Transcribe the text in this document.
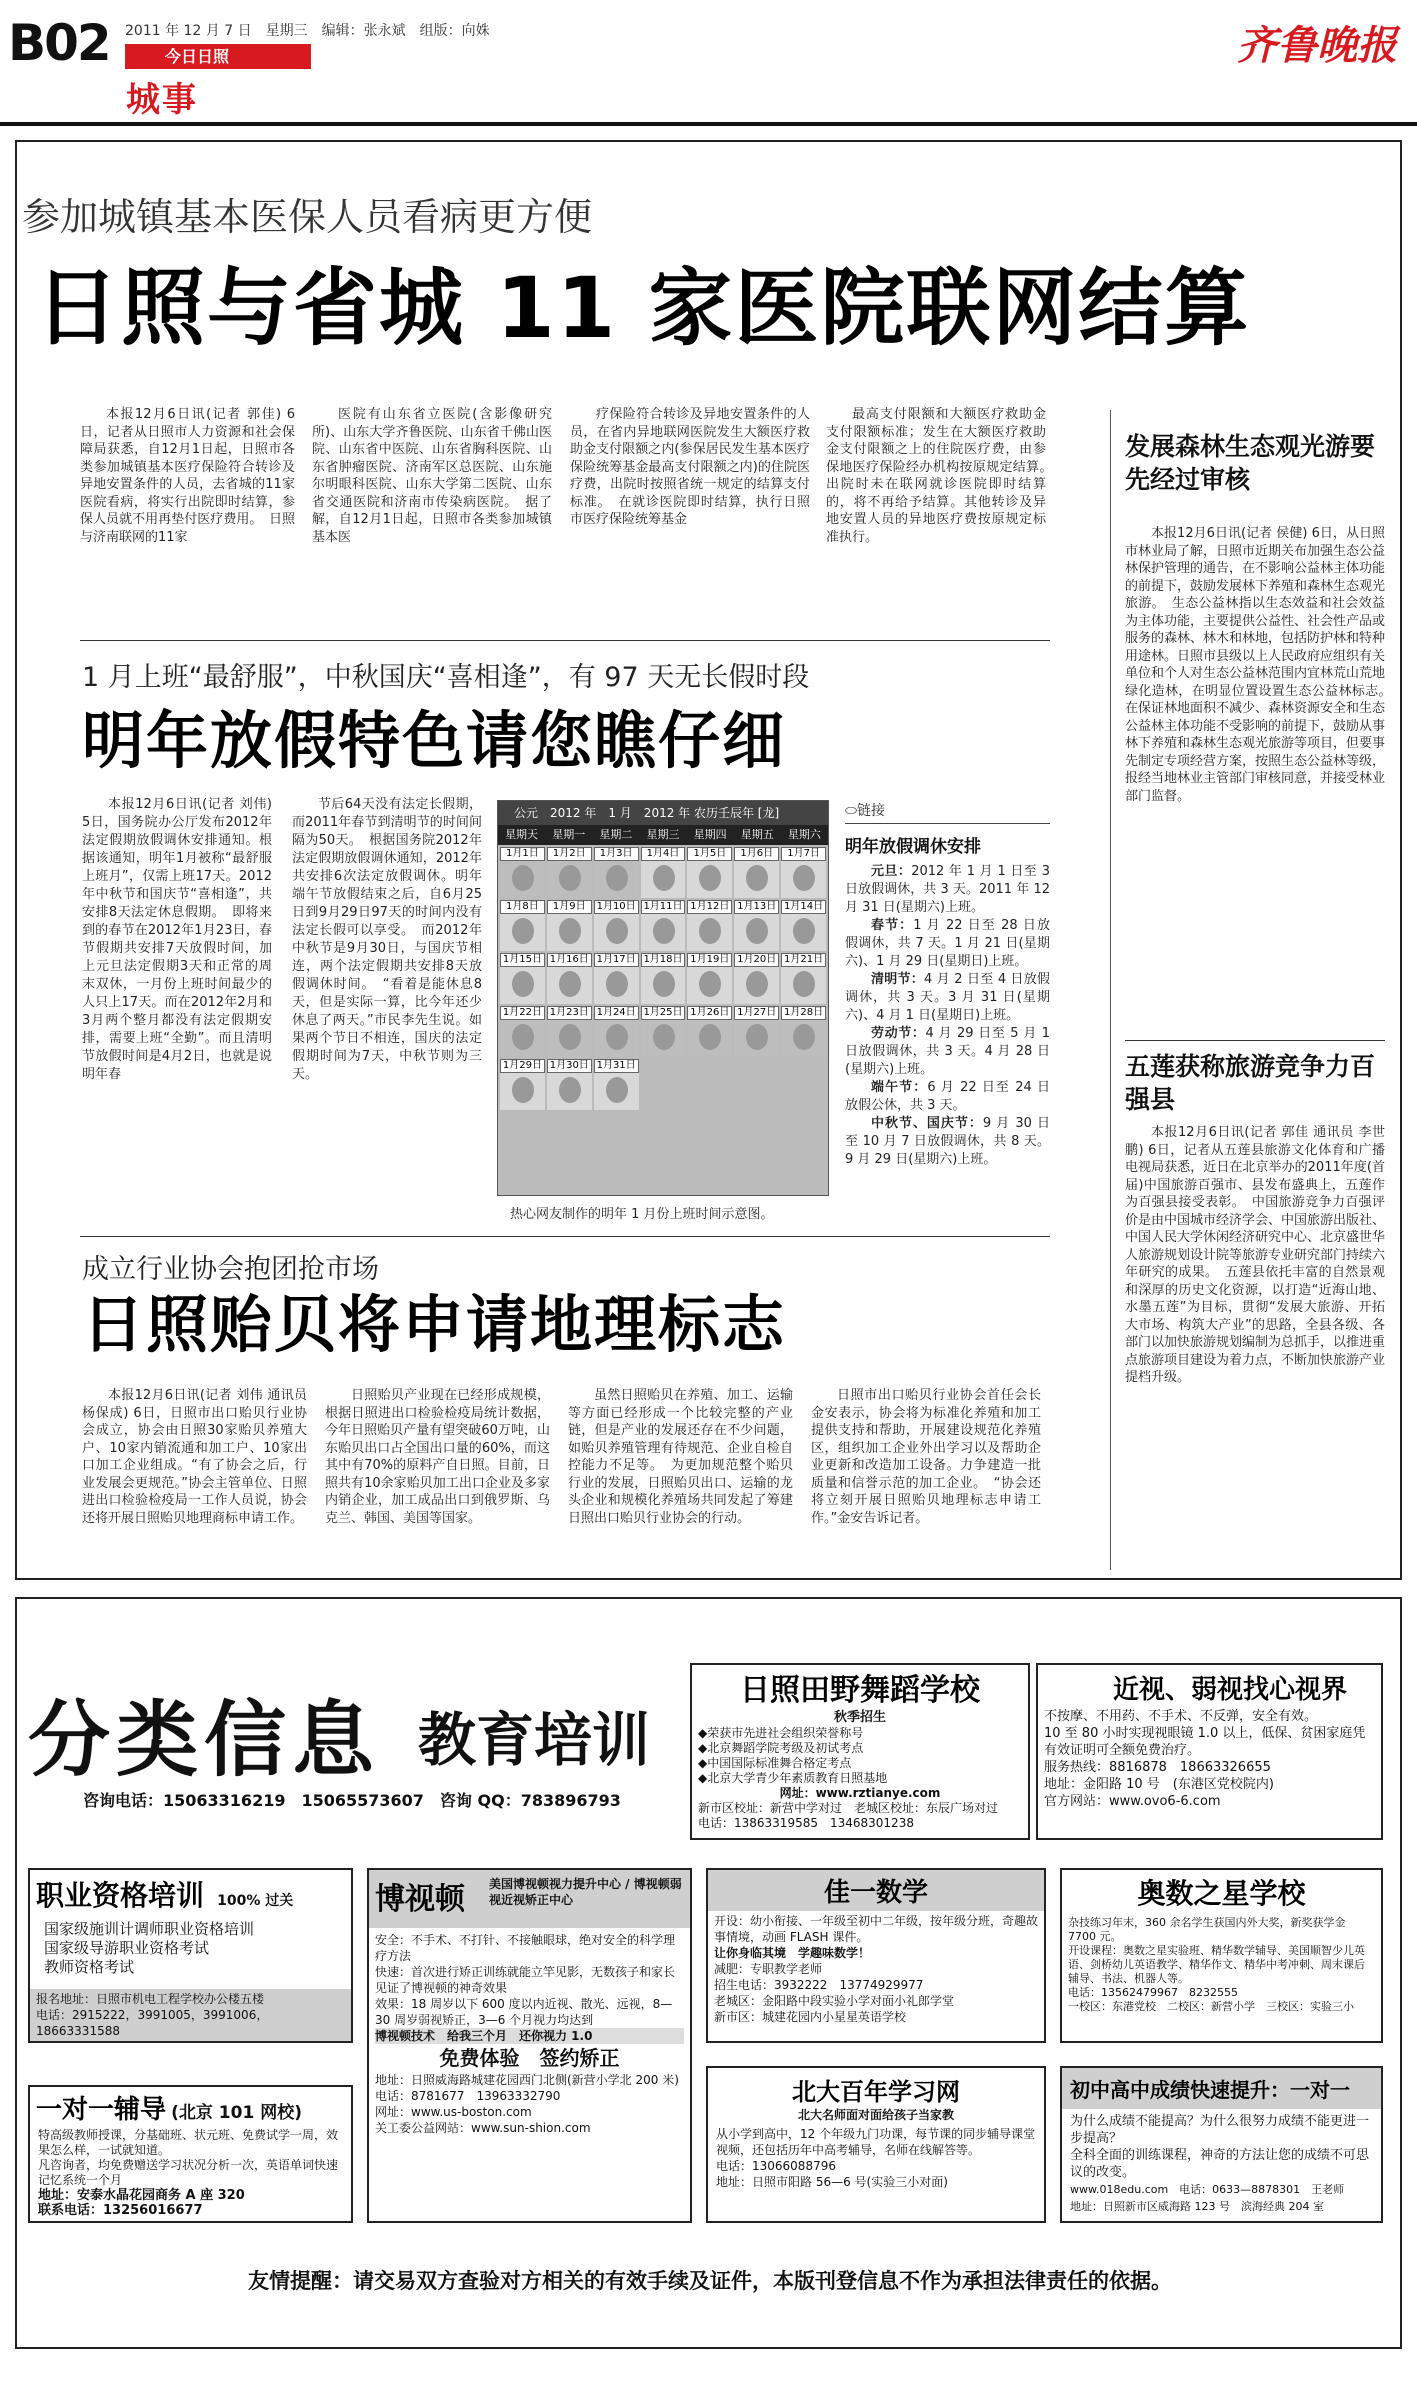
B02 2011 年 12 月 7 日　星期三　编辑：张永斌　组版：向姝
今日日照
城事
齐鲁晚报
参加城镇基本医保人员看病更方便
日照与省城 11 家医院联网结算

本报12月6日讯(记者 郭佳) 6日，记者从日照市人力资源和社会保障局获悉，自12月1日起，日照市各类参加城镇基本医疗保险符合转诊及异地安置条件的人员，去省城的11家医院看病，将实行出院即时结算，参保人员就不用再垫付医疗费用。　日照与济南联网的11家

医院有山东省立医院(含影像研究所)、山东大学齐鲁医院、山东省千佛山医院、山东省中医院、山东省胸科医院、山东省肿瘤医院、济南军区总医院、山东施尔明眼科医院、山东大学第二医院、山东省交通医院和济南市传染病医院。　据了解，自12月1日起，日照市各类参加城镇基本医

疗保险符合转诊及异地安置条件的人员，在省内异地联网医院发生大额医疗救助金支付限额之内(参保居民发生基本医疗保险统筹基金最高支付限额之内)的住院医疗费，出院时按照省统一规定的结算支付标准。　在就诊医院即时结算，执行日照市医疗保险统筹基金

最高支付限额和大额医疗救助金支付限额标准；发生在大额医疗救助金支付限额之上的住院医疗费，由参保地医疗保险经办机构按原规定结算。　出院时未在联网就诊医院即时结算的，将不再给予结算。其他转诊及异地安置人员的异地医疗费按原规定标准执行。

1 月上班“最舒服”，中秋国庆“喜相逢”，有 97 天无长假时段
明年放假特色请您瞧仔细

本报12月6日讯(记者 刘伟) 5日，国务院办公厅发布2012年法定假期放假调休安排通知。根据该通知，明年1月被称“最舒服上班月”，仅需上班17天。2012年中秋节和国庆节“喜相逢”，共安排8天法定休息假期。　即将来到的春节在2012年1月23日，春节假期共安排7天放假时间，加上元旦法定假期3天和正常的周末双休，一月份上班时间最少的人只上17天。而在2012年2月和3月两个整月都没有法定假期安排，需要上班“全勤”。而且清明节放假时间是4月2日，也就是说明年春

节后64天没有法定长假期，而2011年春节到清明节的时间间隔为50天。　根据国务院2012年法定假期放假调休通知，2012年共安排6次法定放假调休。明年端午节放假结束之后，自6月25日到9月29日97天的时间内没有法定长假可以享受。　而2012年中秋节是9月30日，与国庆节相连，两个法定假期共安排8天放假调休时间。　“看着是能休息8天，但是实际一算，比今年还少休息了两天。”市民李先生说。如果两个节日不相连，国庆的法定假期时间为7天，中秋节则为三天。

公元　2012 年　1 月　2012 年 农历壬辰年 [龙]
星期天	星期一	星期二	星期三	星期四	星期五	星期六
1月1日	1月2日	1月3日	1月4日	1月5日	1月6日	1月7日
1月8日	1月9日	1月10日 1月11日 1月12日 1月13日 1月14日
1月15日 1月16日 1月17日 1月18日 1月19日 1月20日 1月21日
1月22日 1月23日 1月24日 1月25日 1月26日 1月27日 1月28日
1月29日 1月30日 1月31日
热心网友制作的明年 1 月份上班时间示意图。
⬭链接
明年放假调休安排
元旦：2012 年 1 月 1 日至 3 日放假调休，共 3 天。2011 年 12 月 31 日(星期六)上班。
春节：1 月 22 日至 28 日放假调休，共 7 天。1 月 21 日(星期六)、1 月 29 日(星期日)上班。
清明节：4 月 2 日至 4 日放假调休，共 3 天。3 月 31 日(星期六)、4 月 1 日(星期日)上班。
劳动节：4 月 29 日至 5 月 1 日放假调休，共 3 天。4 月 28 日(星期六)上班。
端午节：6 月 22 日至 24 日放假公休，共 3 天。
中秋节、国庆节：9 月 30 日至 10 月 7 日放假调休，共 8 天。9 月 29 日(星期六)上班。
成立行业协会抱团抢市场
日照贻贝将申请地理标志

本报12月6日讯(记者 刘伟 通讯员 杨保成) 6日，日照市出口贻贝行业协会成立，协会由日照30家贻贝养殖大户、10家内销流通和加工户、10家出口加工企业组成。“有了协会之后，行业发展会更规范。”协会主管单位、日照进出口检验检疫局一工作人员说，协会还将开展日照贻贝地理商标申请工作。

日照贻贝产业现在已经形成规模，根据日照进出口检验检疫局统计数据，今年日照贻贝产量有望突破60万吨，山东贻贝出口占全国出口量的60%，而这其中有70%的原料产自日照。目前，日照共有10余家贻贝加工出口企业及多家内销企业，加工成品出口到俄罗斯、乌克兰、韩国、美国等国家。

虽然日照贻贝在养殖、加工、运输等方面已经形成一个比较完整的产业链，但是产业的发展还存在不少问题，如贻贝养殖管理有待规范、企业自检自控能力不足等。　为更加规范整个贻贝行业的发展，日照贻贝出口、运输的龙头企业和规模化养殖场共同发起了筹建日照出口贻贝行业协会的行动。

日照市出口贻贝行业协会首任会长金安表示，协会将为标准化养殖和加工提供支持和帮助，开展建设规范化养殖区，组织加工企业外出学习以及帮助企业更新和改造加工设备。力争建造一批质量和信誉示范的加工企业。　“协会还将立刻开展日照贻贝地理标志申请工作。”金安告诉记者。

发展森林生态观光游要先经过审核

本报12月6日讯(记者 侯健) 6日，从日照市林业局了解，日照市近期关布加强生态公益林保护管理的通告，在不影响公益林主体功能的前提下，鼓励发展林下养殖和森林生态观光旅游。　生态公益林指以生态效益和社会效益为主体功能，主要提供公益性、社会性产品或服务的森林、林木和林地，包括防护林和特种用途林。日照市县级以上人民政府应组织有关单位和个人对生态公益林范围内宜林荒山荒地绿化造林，在明显位置设置生态公益林标志。　在保证林地面积不减少、森林资源安全和生态公益林主体功能不受影响的前提下，鼓励从事林下养殖和森林生态观光旅游等项目，但要事先制定专项经营方案，按照生态公益林等级，报经当地林业主管部门审核同意，并接受林业部门监督。

五莲获称旅游竞争力百强县

本报12月6日讯(记者 郭佳 通讯员 李世鹏) 6日，记者从五莲县旅游文化体育和广播电视局获悉，近日在北京举办的2011年度(首届)中国旅游百强市、县发布盛典上，五莲作为百强县接受表彰。　中国旅游竞争力百强评价是由中国城市经济学会、中国旅游出版社、中国人民大学休闲经济研究中心、北京盛世华人旅游规划设计院等旅游专业研究部门持续六年研究的成果。　五莲县依托丰富的自然景观和深厚的历史文化资源，以打造“近海山地、水墨五莲”为目标，贯彻“发展大旅游、开拓大市场、构筑大产业”的思路，全县各级、各部门以加快旅游规划编制为总抓手，以推进重点旅游项目建设为着力点，不断加快旅游产业提档升级。

分类信息 教育培训
咨询电话：15063316219　15065573607　咨询 QQ：783896793
日照田野舞蹈学校
秋季招生
◆荣获市先进社会组织荣誉称号
◆北京舞蹈学院考级及初试考点
◆中国国际标准舞合格定考点
◆北京大学青少年素质教育日照基地
网址：www.rztianye.com
新市区校址：新营中学对过　老城区校址：东辰广场对过
电话：13863319585　13468301238
近视、弱视找心视界
不按摩、不用药、不手术、不反弹，安全有效。
10 至 80 小时实现视眼镜 1.0 以上，低保、贫困家庭凭有效证明可全额免费治疗。
服务热线：8816878　18663326655
地址：金阳路 10 号　(东港区党校院内)
官方网站：www.ovo6-6.com
职业资格培训 100% 过关
国家级施训计调师职业资格培训
国家级导游职业资格考试
教师资格考试
报名地址：日照市机电工程学校办公楼五楼
电话：2915222，3991005，3991006，18663331588
博视顿 美国博视顿视力提升中心 / 博视顿弱视近视矫正中心
安全：不手术、不打针、不接触眼球，绝对安全的科学理疗方法
快速：首次进行矫正训练就能立竿见影，无数孩子和家长见证了博视顿的神奇效果
效果：18 周岁以下 600 度以内近视、散光、远视，8—30 周岁弱视矫正，3—6 个月视力均达到
博视顿技术　给我三个月　还你视力 1.0
免费体验　签约矫正
地址：日照威海路城建花园西门北侧(新营小学北 200 米)
电话：8781677　13963332790
网址：www.us-boston.com
关工委公益网站：www.sun-shion.com
佳一数学
开设：幼小衔接、一年级至初中二年级，按年级分班，奇趣故事情境，动画 FLASH 课件。
让你身临其境　学趣味数学！
减肥：专职教学老师
招生电话：3932222　13774929977
老城区：金阳路中段实验小学对面小礼郎学堂
新市区：城建花园内小星星英语学校
奥数之星学校
杂技练习年末，360 余名学生获国内外大奖，新奖获学金 7700 元。
开设课程：奥数之星实验班、精华数学辅导、美国顺智少儿英语、剑桥幼儿英语教学、精华作文、精华中考冲刺、周末课后辅导、书法、机器人等。
电话：13562479967　8232555
一校区：东港党校　二校区：新营小学　三校区：实验三小
一对一辅导 (北京 101 网校)
特高级教师授课，分基础班、状元班、免费试学一周，效果怎么样，一试就知道。
凡咨询者，均免费赠送学习状况分析一次，英语单词快速记忆系统一个月
地址：安泰水晶花园商务 A 座 320
联系电话：13256016677
北大百年学习网
北大名师面对面给孩子当家教
从小学到高中，12 个年级九门功课，每节课的同步辅导课堂视频，还包括历年中高考辅导，名师在线解答等。
电话：13066088796
地址：日照市阳路 56—6 号(实验三小对面)
初中高中成绩快速提升：一对一
为什么成绩不能提高？为什么很努力成绩不能更进一步提高？
全科全面的训练课程，神奇的方法让您的成绩不可思议的改变。
www.018edu.com　电话：0633—8878301　王老师
地址：日照新市区威海路 123 号　滨海经典 204 室
友情提醒：请交易双方查验对方相关的有效手续及证件，本版刊登信息不作为承担法律责任的依据。
